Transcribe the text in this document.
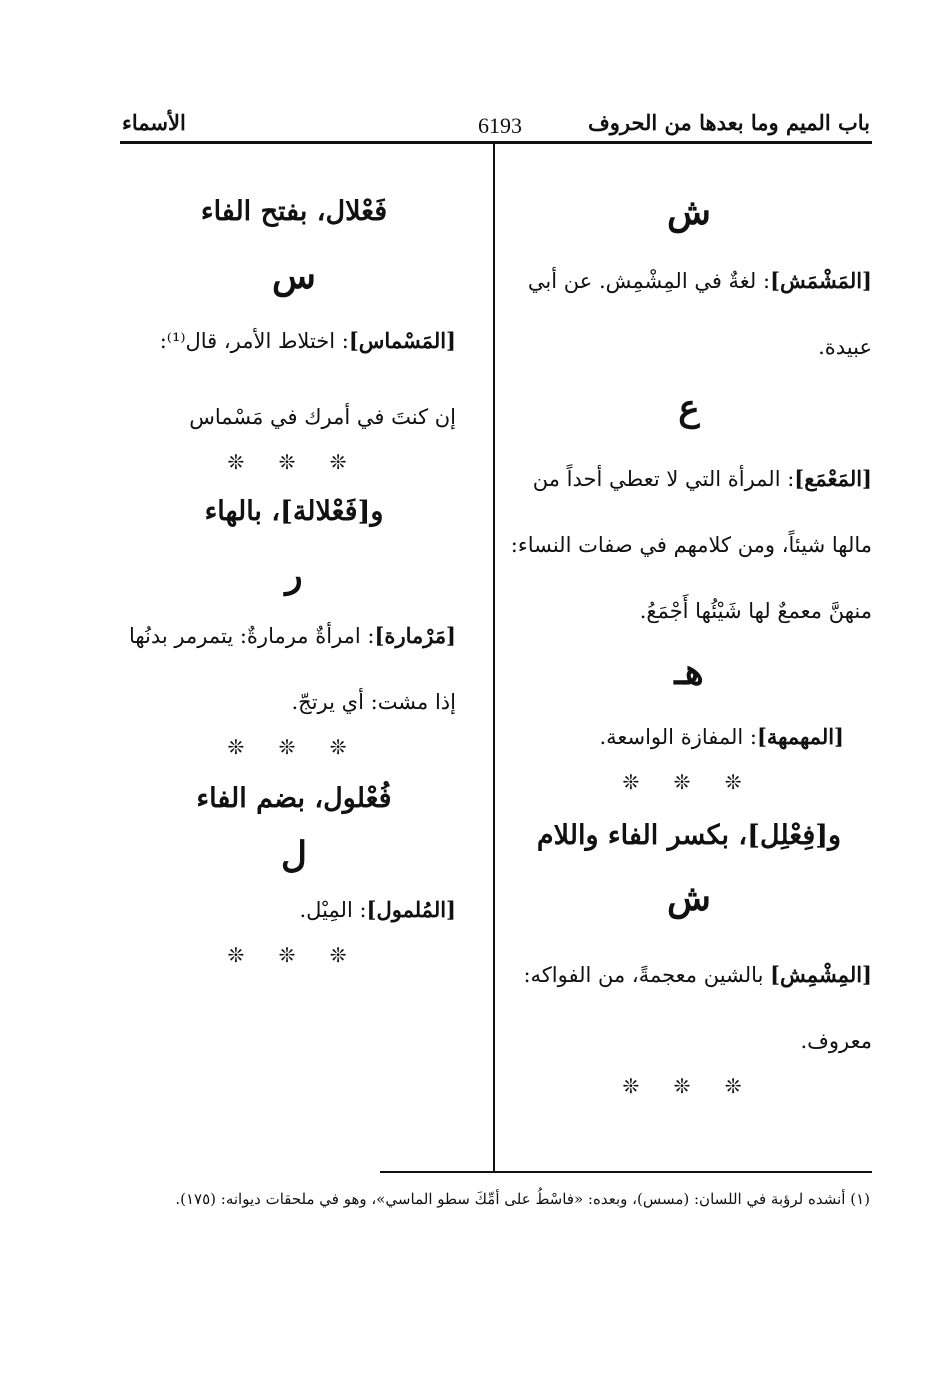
باب الميم وما بعدها من الحروف
6193
الأسماء
ش
[المَشْمَش]: لغةٌ في المِشْمِش. عن أبي عبيدة.
ع
[المَعْمَع]: المرأة التي لا تعطي أحداً من مالها شيئاً، ومن كلامهم في صفات النساء: منهنَّ معمعٌ لها شَيْئُها أَجْمَعُ.
هـ
[المهمهة]: المفازة الواسعة.
❊ ❊ ❊
و[فِعْلِل]، بكسر الفاء واللام
ش
[المِشْمِش] بالشين معجمةً، من الفواكه: معروف.
❊ ❊ ❊
فَعْلال، بفتح الفاء
س
[المَسْماس]: اختلاط الأمر، قال⁽¹⁾:
إن كنتَ في أمرك في مَسْماس
❊ ❊ ❊
و[فَعْلالة]، بالهاء
ر
[مَرْمارة]: امرأةٌ مرمارةٌ: يتمرمر بدنُها إذا مشت: أي يرتجّ.
❊ ❊ ❊
فُعْلول، بضم الفاء
ل
[المُلمول]: المِيْل.
❊ ❊ ❊
(١) أنشده لرؤبة في اللسان: (مسس)، وبعده: «فاسْطُ على أمِّكَ سطو الماسي»، وهو في ملحقات ديوانه: (١٧٥).
